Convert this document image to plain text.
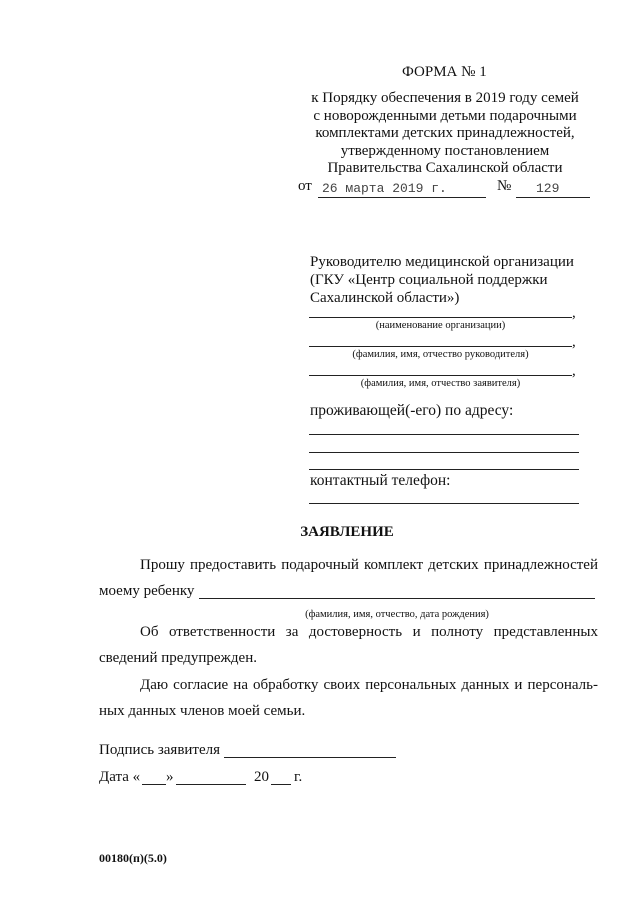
ФОРМА № 1
к Порядку обеспечения в 2019 году семей
с новорожденными детьми подарочными
комплектами детских принадлежностей,
утвержденному постановлением
Правительства Сахалинской области
от 26 марта 2019 г.	№ 129
Руководителю медицинской организации
(ГКУ «Центр социальной поддержки
Сахалинской области»)
,
(наименование организации)
,
(фамилия, имя, отчество руководителя)
,
(фамилия, имя, отчество заявителя)
проживающей(-его) по адресу:
контактный телефон:
ЗАЯВЛЕНИЕ
Прошу предоставить подарочный комплект детских принадлежностей
моему ребенку
(фамилия, имя, отчество, дата рождения)
Об ответственности за достоверность и полноту представленных
сведений предупрежден.
Даю согласие на обработку своих персональных данных и персональ-
ных данных членов моей семьи.
Подпись заявителя
Дата « »	20 г.
00180(п)(5.0)
